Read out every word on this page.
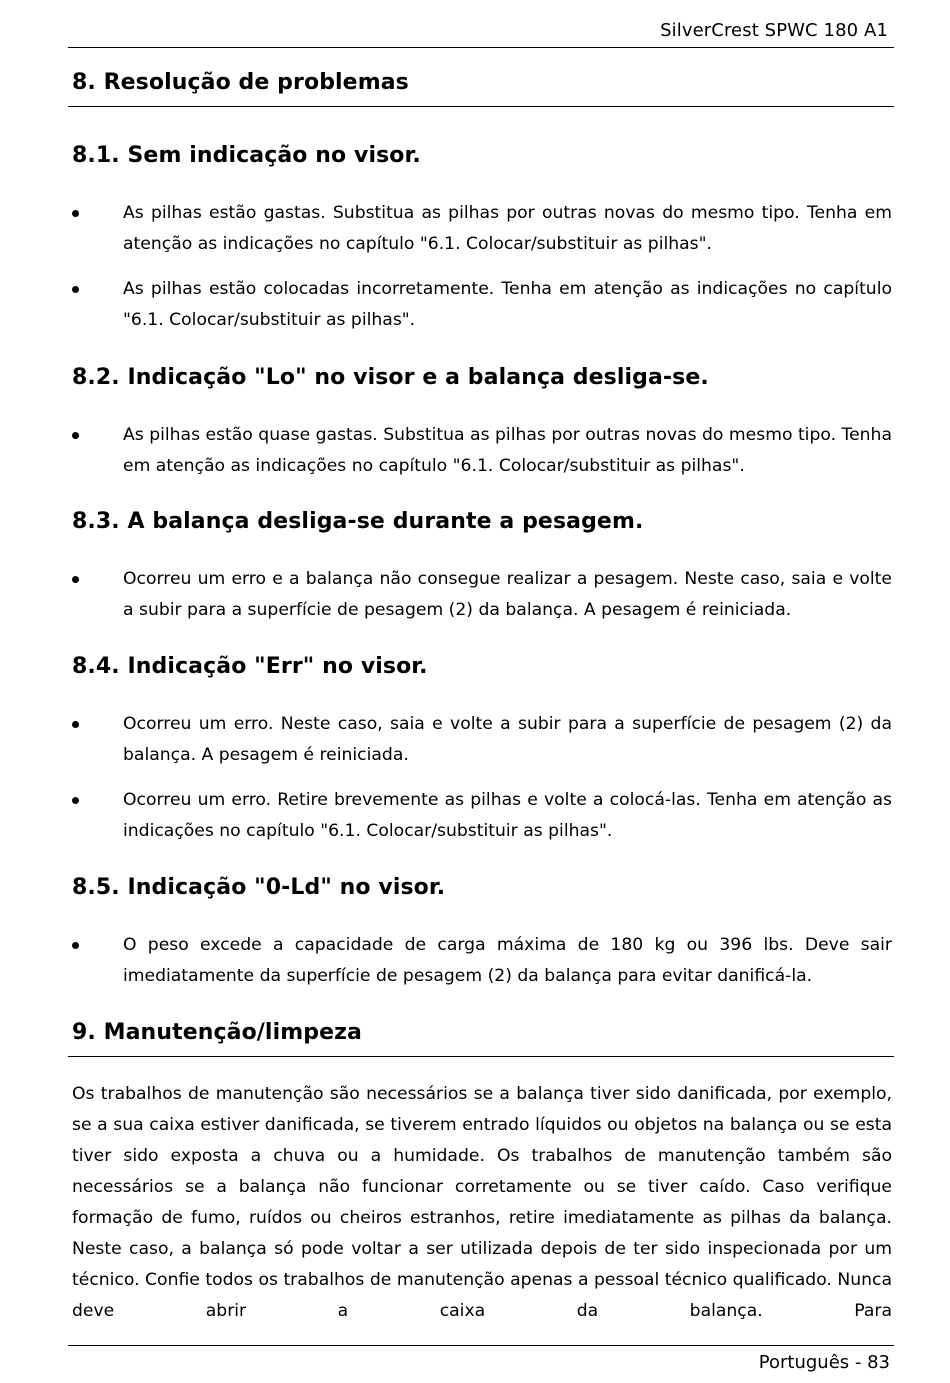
SilverCrest SPWC 180 A1
8. Resolução de problemas
8.1. Sem indicação no visor.

As pilhas estão gastas. Substitua as pilhas por outras novas do mesmo tipo. Tenha em atenção as indicações no capítulo "6.1. Colocar/substituir as pilhas".

As pilhas estão colocadas incorretamente. Tenha em atenção as indicações no capítulo "6.1. Colocar/substituir as pilhas".

8.2. Indicação "Lo" no visor e a balança desliga-se.

As pilhas estão quase gastas. Substitua as pilhas por outras novas do mesmo tipo. Tenha em atenção as indicações no capítulo "6.1. Colocar/substituir as pilhas".

8.3. A balança desliga-se durante a pesagem.

Ocorreu um erro e a balança não consegue realizar a pesagem. Neste caso, saia e volte a subir para a superfície de pesagem (2) da balança. A pesagem é reiniciada.

8.4. Indicação "Err" no visor.

Ocorreu um erro. Neste caso, saia e volte a subir para a superfície de pesagem (2) da balança. A pesagem é reiniciada.

Ocorreu um erro. Retire brevemente as pilhas e volte a colocá-las. Tenha em atenção as indicações no capítulo "6.1. Colocar/substituir as pilhas".

8.5. Indicação "0-Ld" no visor.

O peso excede a capacidade de carga máxima de 180 kg ou 396 lbs. Deve sair imediatamente da superfície de pesagem (2) da balança para evitar danificá-la.

9. Manutenção/limpeza

Os trabalhos de manutenção são necessários se a balança tiver sido danificada, por exemplo, se a sua caixa estiver danificada, se tiverem entrado líquidos ou objetos na balança ou se esta tiver sido exposta a chuva ou a humidade. Os trabalhos de manutenção também são necessários se a balança não funcionar corretamente ou se tiver caído. Caso verifique formação de fumo, ruídos ou cheiros estranhos, retire imediatamente as pilhas da balança. Neste caso, a balança só pode voltar a ser utilizada depois de ter sido inspecionada por um técnico. Confie todos os trabalhos de manutenção apenas a pessoal técnico qualificado. Nunca deve abrir a caixa da balança. Para

Português - 83
